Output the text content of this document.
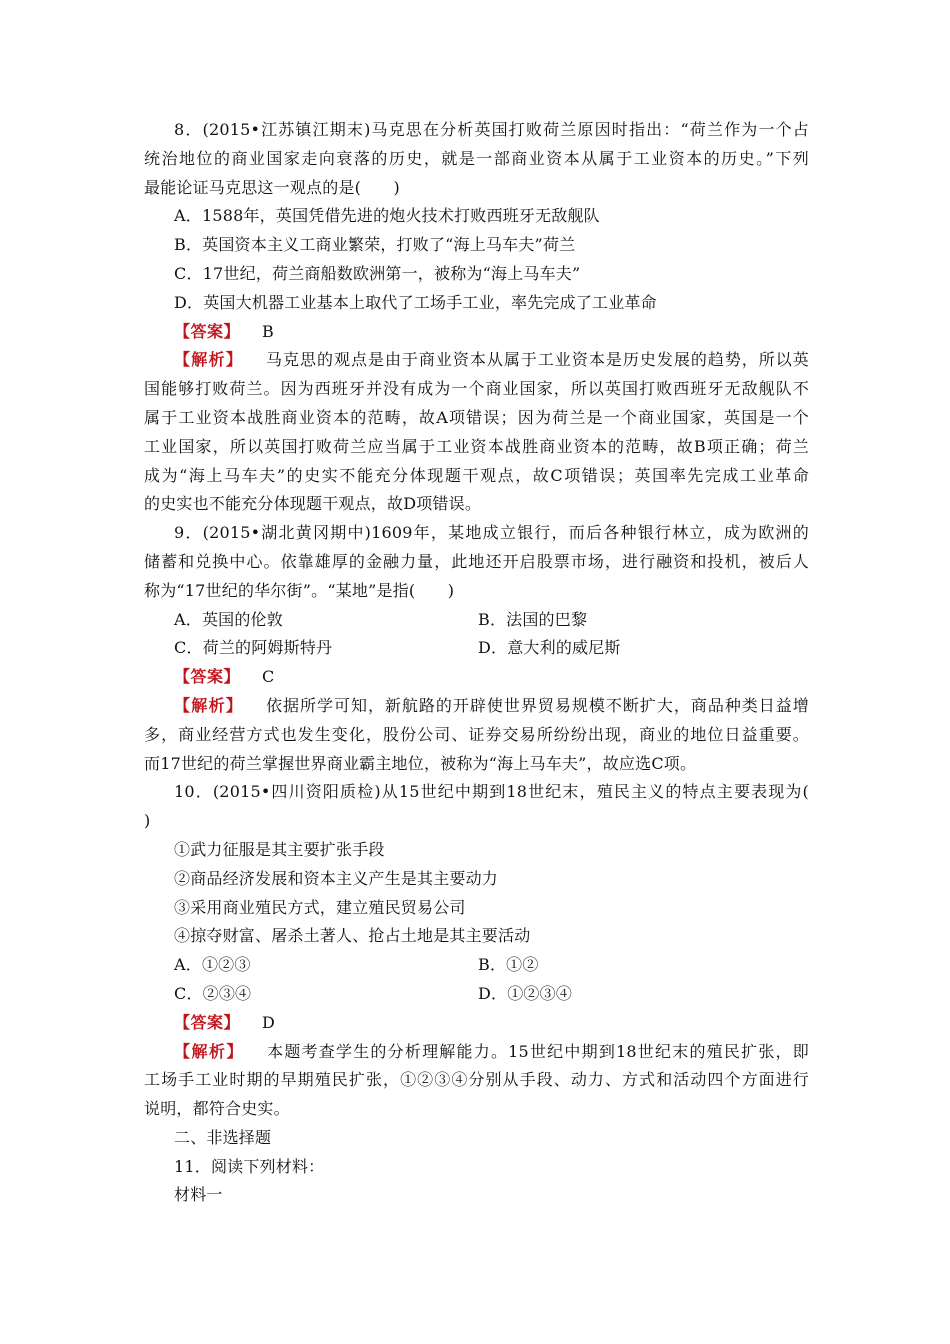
8．(2015•江苏镇江期末)马克思在分析英国打败荷兰原因时指出：“荷兰作为一个占
统治地位的商业国家走向衰落的历史，就是一部商业资本从属于工业资本的历史。”下列
最能论证马克思这一观点的是(　　)
A．1588年，英国凭借先进的炮火技术打败西班牙无敌舰队
B．英国资本主义工商业繁荣，打败了“海上马车夫”荷兰
C．17世纪，荷兰商船数欧洲第一，被称为“海上马车夫”
D．英国大机器工业基本上取代了工场手工业，率先完成了工业革命
【答案】 B
【解析】 马克思的观点是由于商业资本从属于工业资本是历史发展的趋势，所以英
国能够打败荷兰。因为西班牙并没有成为一个商业国家，所以英国打败西班牙无敌舰队不
属于工业资本战胜商业资本的范畴，故A项错误；因为荷兰是一个商业国家，英国是一个
工业国家，所以英国打败荷兰应当属于工业资本战胜商业资本的范畴，故B项正确；荷兰
成为“海上马车夫”的史实不能充分体现题干观点，故C项错误；英国率先完成工业革命
的史实也不能充分体现题干观点，故D项错误。
9．(2015•湖北黄冈期中)1609年，某地成立银行，而后各种银行林立，成为欧洲的
储蓄和兑换中心。依靠雄厚的金融力量，此地还开启股票市场，进行融资和投机，被后人
称为“17世纪的华尔街”。“某地”是指(　　)
A．英国的伦敦	B．法国的巴黎
C．荷兰的阿姆斯特丹	D．意大利的威尼斯
【答案】 C
【解析】 依据所学可知，新航路的开辟使世界贸易规模不断扩大，商品种类日益增
多，商业经营方式也发生变化，股份公司、证券交易所纷纷出现，商业的地位日益重要。
而17世纪的荷兰掌握世界商业霸主地位，被称为“海上马车夫”，故应选C项。
10．(2015•四川资阳质检)从15世纪中期到18世纪末，殖民主义的特点主要表现为(
)
①武力征服是其主要扩张手段
②商品经济发展和资本主义产生是其主要动力
③采用商业殖民方式，建立殖民贸易公司
④掠夺财富、屠杀土著人、抢占土地是其主要活动
A．①②③	B．①②
C．②③④	D．①②③④
【答案】 D
【解析】 本题考查学生的分析理解能力。15世纪中期到18世纪末的殖民扩张，即
工场手工业时期的早期殖民扩张，①②③④分别从手段、动力、方式和活动四个方面进行
说明，都符合史实。
二、非选择题
11．阅读下列材料：
材料一
